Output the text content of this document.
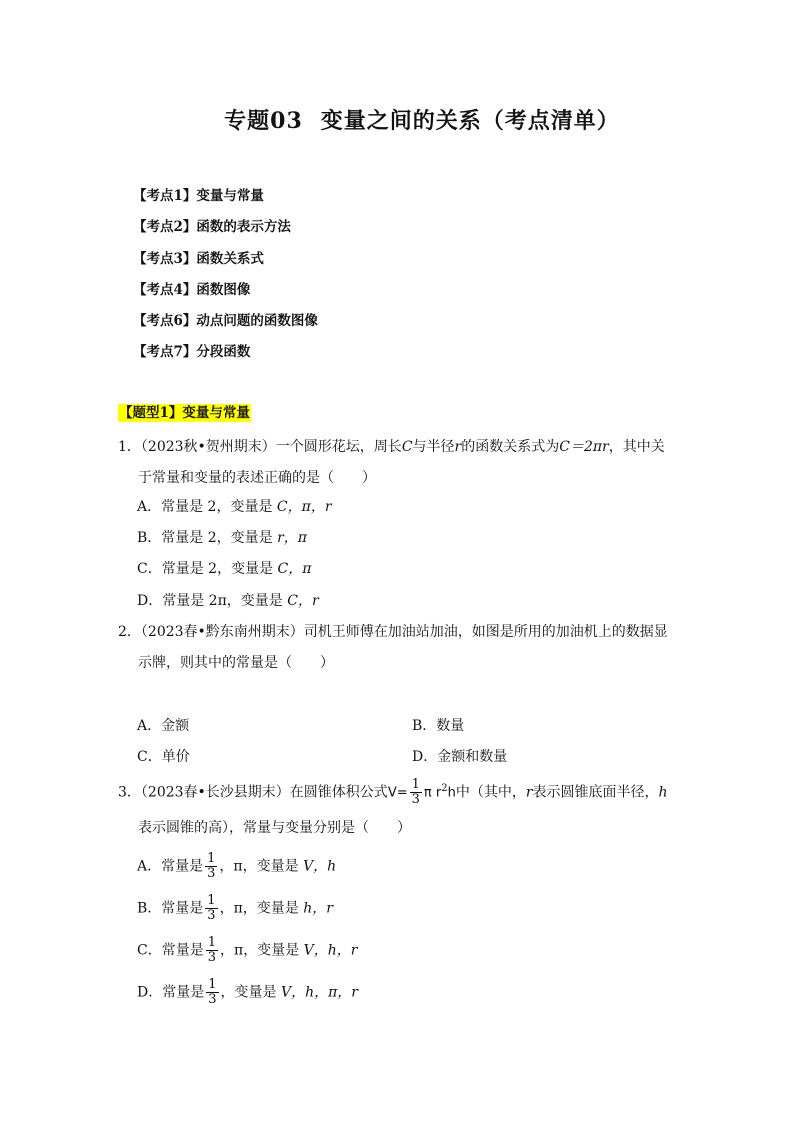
专题03 变量之间的关系（考点清单）
【考点1】变量与常量
【考点2】函数的表示方法
【考点3】函数关系式
【考点4】函数图像
【考点6】动点问题的函数图像
【考点7】分段函数
【题型1】变量与常量
1．（2023秋•贺州期末）一个圆形花坛，周长C与半径r的函数关系式为C＝2πr，其中关
于常量和变量的表述正确的是（　　）
A．常量是 2，变量是 C，π，r
B．常量是 2，变量是 r，π
C．常量是 2，变量是 C，π
D．常量是 2π，变量是 C，r
2．（2023春•黔东南州期末）司机王师傅在加油站加油，如图是所用的加油机上的数据显
示牌，则其中的常量是（　　）
A．金额	B．数量
C．单价	D．金额和数量
3．（2023春•长沙县期末）在圆锥体积公式$V= \frac{1}{3}$ π $r^2h$中（其中，r表示圆锥底面半径，h
表示圆锥的高），常量与变量分别是（　　）
A．常量是 $\frac{1}{3}$ ，π，变量是 V，h
B．常量是 $\frac{1}{3}$ ，π，变量是 h，r
C．常量是 $\frac{1}{3}$ ，π，变量是 V，h，r
D．常量是 $\frac{1}{3}$ ，变量是 V，h，π，r
